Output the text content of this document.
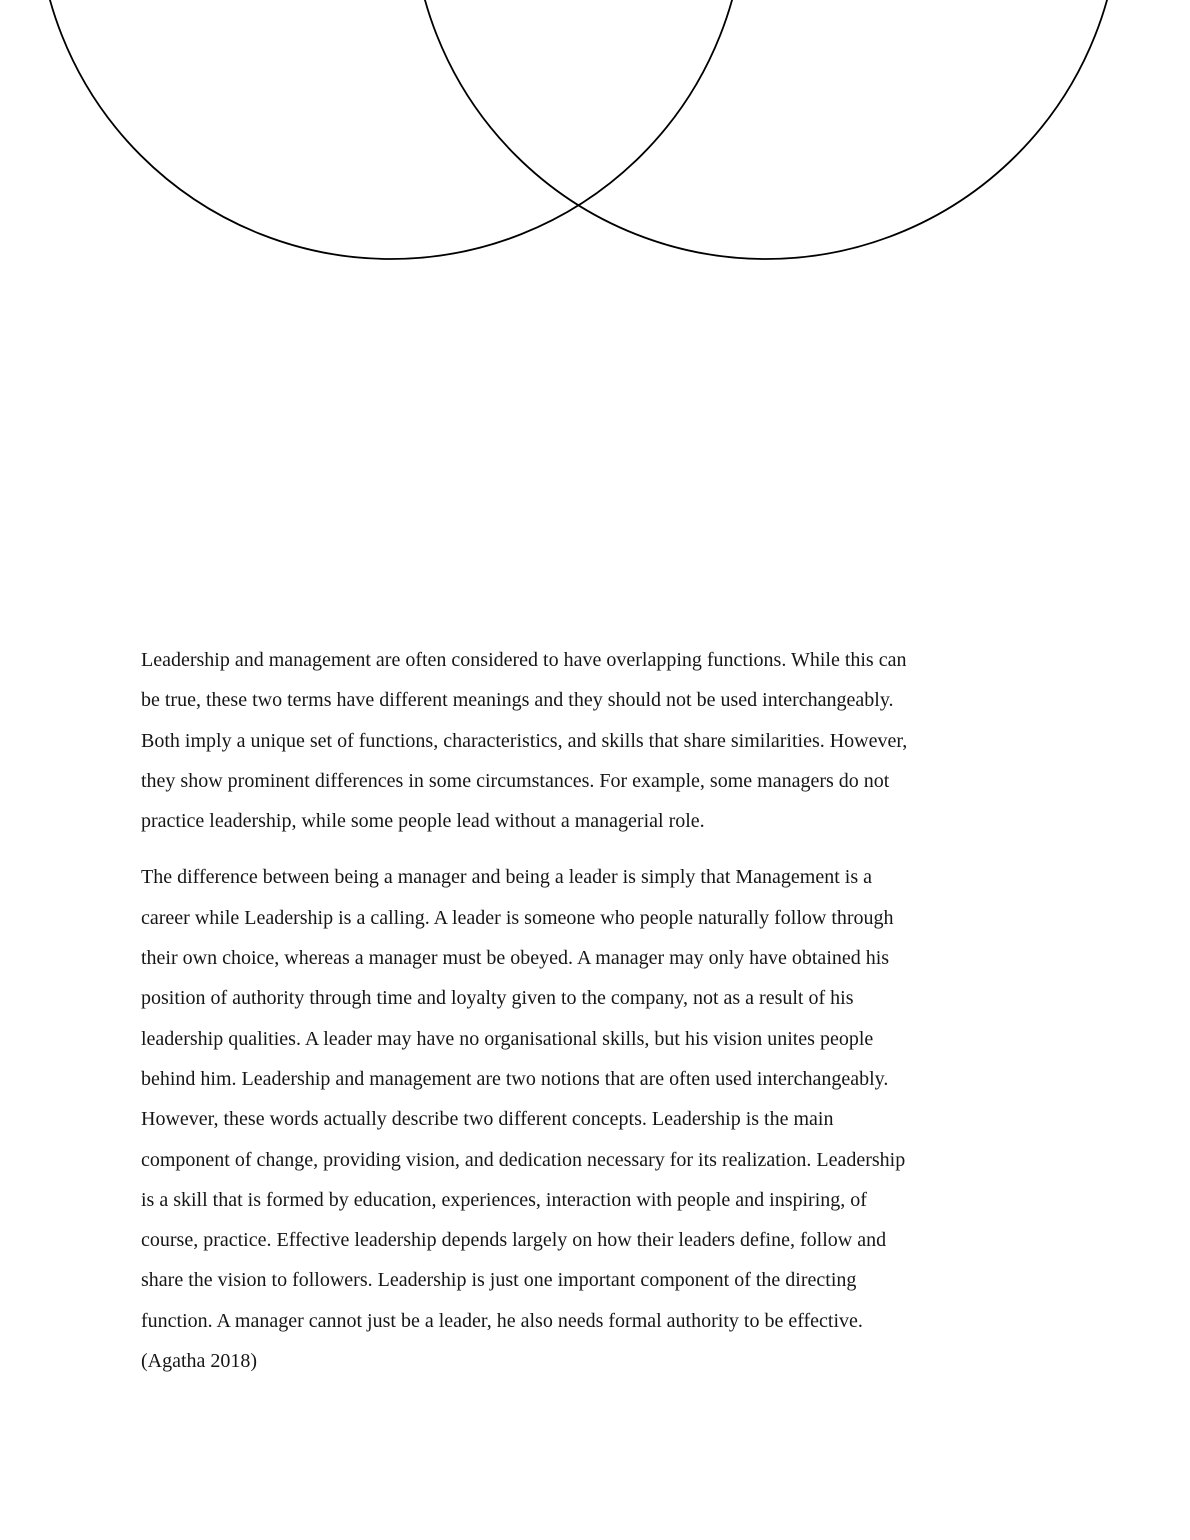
Leadership and management are often considered to have overlapping functions. While this can
be true, these two terms have different meanings and they should not be used interchangeably.
Both imply a unique set of functions, characteristics, and skills that share similarities. However,
they show prominent differences in some circumstances. For example, some managers do not
practice leadership, while some people lead without a managerial role.
The difference between being a manager and being a leader is simply that Management is a
career while Leadership is a calling. A leader is someone who people naturally follow through
their own choice, whereas a manager must be obeyed. A manager may only have obtained his
position of authority through time and loyalty given to the company, not as a result of his
leadership qualities. A leader may have no organisational skills, but his vision unites people
behind him. Leadership and management are two notions that are often used interchangeably.
However, these words actually describe two different concepts. Leadership is the main
component of change, providing vision, and dedication necessary for its realization. Leadership
is a skill that is formed by education, experiences, interaction with people and inspiring, of
course, practice. Effective leadership depends largely on how their leaders define, follow and
share the vision to followers. Leadership is just one important component of the directing
function. A manager cannot just be a leader, he also needs formal authority to be effective.
(Agatha 2018)
